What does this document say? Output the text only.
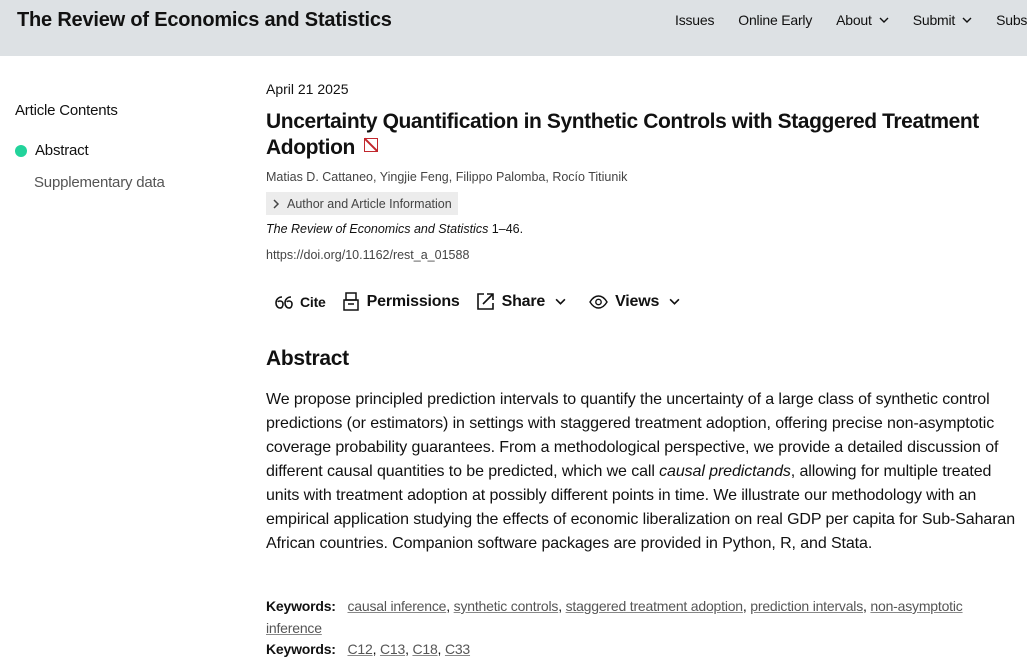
The Review of Economics and Statistics	Issues Online Early About	Submit	Subs
Article Contents
Abstract
Supplementary data
April 21 2025
Uncertainty Quantification in Synthetic Controls with Staggered Treatment Adoption
Matias D. Cattaneo, Yingjie Feng, Filippo Palomba, Rocío Titiunik
Author and Article Information
The Review of Economics and Statistics 1–46.
https://doi.org/10.1162/rest_a_01588
Cite	Permissions	Share	Views
Abstract
We propose principled prediction intervals to quantify the uncertainty of a large class of synthetic control predictions (or estimators) in settings with staggered treatment adoption, offering precise non-asymptotic coverage probability guarantees. From a methodological perspective, we provide a detailed discussion of different causal quantities to be predicted, which we call causal predictands, allowing for multiple treated units with treatment adoption at possibly different points in time. We illustrate our methodology with an empirical application studying the effects of economic liberalization on real GDP per capita for Sub-Saharan African countries. Companion software packages are provided in Python, R, and Stata.
Keywords: causal inference, synthetic controls, staggered treatment adoption, prediction intervals, non-asymptotic inference
Keywords: C12, C13, C18, C33
